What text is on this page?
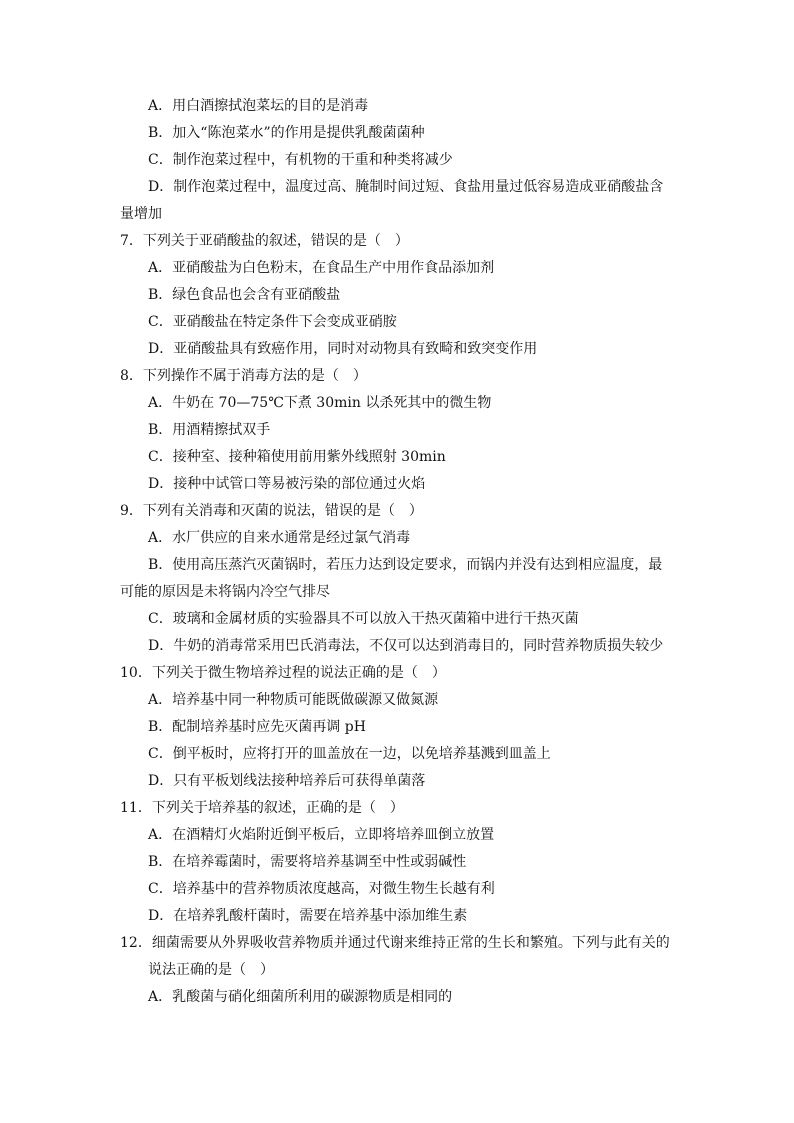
A．用白酒擦拭泡菜坛的目的是消毒
B．加入“陈泡菜水”的作用是提供乳酸菌菌种
C．制作泡菜过程中，有机物的干重和种类将减少
D．制作泡菜过程中，温度过高、腌制时间过短、食盐用量过低容易造成亚硝酸盐含
量增加
7．下列关于亚硝酸盐的叙述，错误的是（　）
A．亚硝酸盐为白色粉末，在食品生产中用作食品添加剂
B．绿色食品也会含有亚硝酸盐
C．亚硝酸盐在特定条件下会变成亚硝胺
D．亚硝酸盐具有致癌作用，同时对动物具有致畸和致突变作用
8．下列操作不属于消毒方法的是（　）
A．牛奶在 70—75℃下煮 30min 以杀死其中的微生物
B．用酒精擦拭双手
C．接种室、接种箱使用前用紫外线照射 30min
D．接种中试管口等易被污染的部位通过火焰
9．下列有关消毒和灭菌的说法，错误的是（　）
A．水厂供应的自来水通常是经过氯气消毒
B．使用高压蒸汽灭菌锅时，若压力达到设定要求，而锅内并没有达到相应温度，最
可能的原因是未将锅内冷空气排尽
C．玻璃和金属材质的实验器具不可以放入干热灭菌箱中进行干热灭菌
D．牛奶的消毒常采用巴氏消毒法，不仅可以达到消毒目的，同时营养物质损失较少
10．下列关于微生物培养过程的说法正确的是（　）
A．培养基中同一种物质可能既做碳源又做氮源
B．配制培养基时应先灭菌再调 pH
C．倒平板时，应将打开的皿盖放在一边，以免培养基溅到皿盖上
D．只有平板划线法接种培养后可获得单菌落
11．下列关于培养基的叙述，正确的是（　）
A．在酒精灯火焰附近倒平板后，立即将培养皿倒立放置
B．在培养霉菌时，需要将培养基调至中性或弱碱性
C．培养基中的营养物质浓度越高，对微生物生长越有利
D．在培养乳酸杆菌时，需要在培养基中添加维生素
12．细菌需要从外界吸收营养物质并通过代谢来维持正常的生长和繁殖。下列与此有关的
说法正确的是（　）
A．乳酸菌与硝化细菌所利用的碳源物质是相同的
